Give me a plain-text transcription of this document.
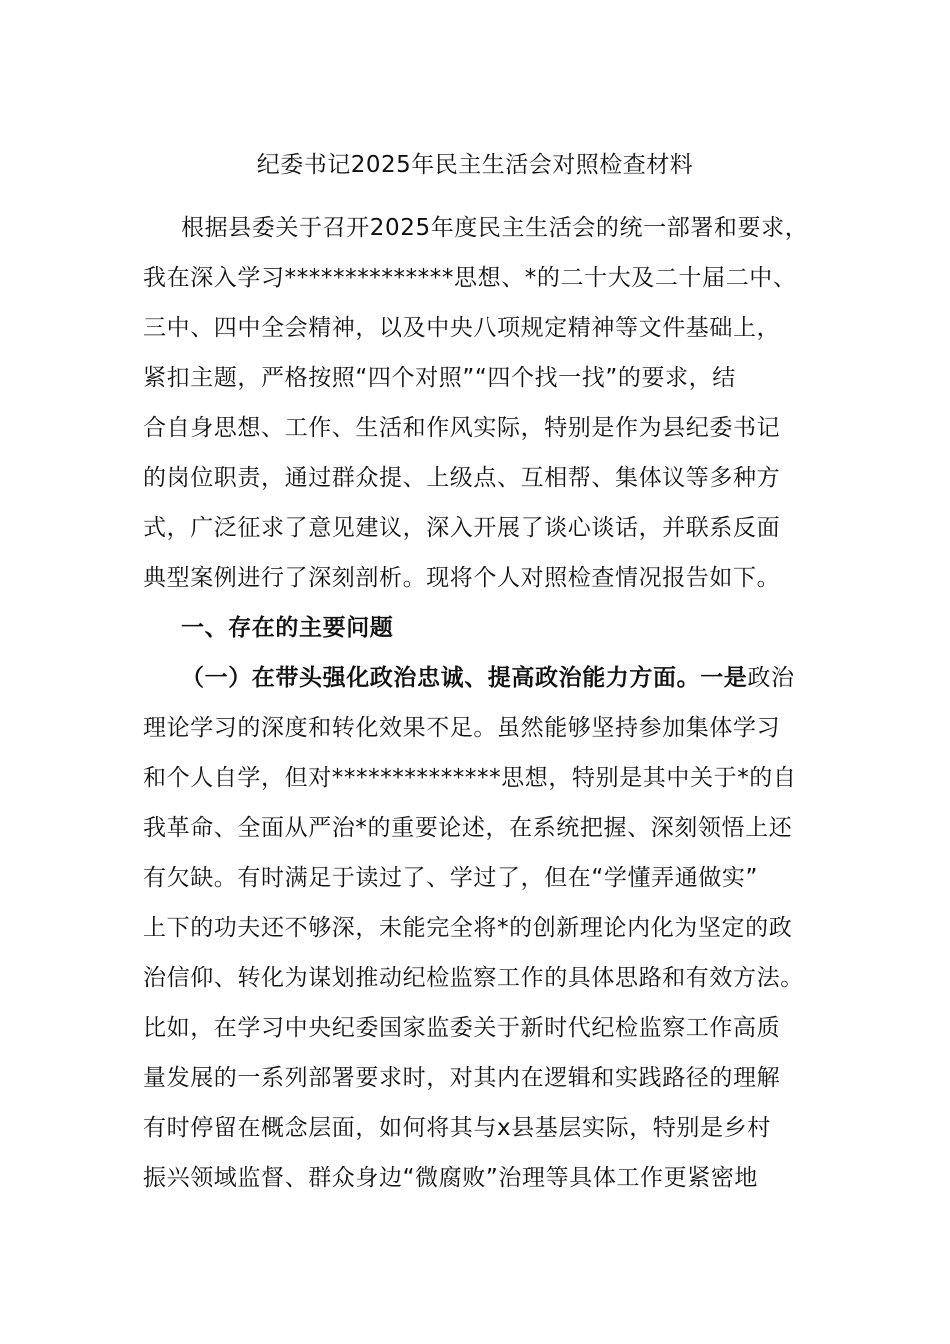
纪委书记2025年民主生活会对照检查材料
根据县委关于召开2025年度民主生活会的统一部署和要求，
我在深入学习**************思想、*的二十大及二十届二中、
三中、四中全会精神，以及中央八项规定精神等文件基础上，
紧扣主题，严格按照“四个对照”“四个找一找”的要求，结
合自身思想、工作、生活和作风实际，特别是作为县纪委书记
的岗位职责，通过群众提、上级点、互相帮、集体议等多种方
式，广泛征求了意见建议，深入开展了谈心谈话，并联系反面
典型案例进行了深刻剖析。现将个人对照检查情况报告如下。
一、存在的主要问题
（一）在带头强化政治忠诚、提高政治能力方面。一是政治
理论学习的深度和转化效果不足。虽然能够坚持参加集体学习
和个人自学，但对**************思想，特别是其中关于*的自
我革命、全面从严治*的重要论述，在系统把握、深刻领悟上还
有欠缺。有时满足于读过了、学过了，但在“学懂弄通做实”
上下的功夫还不够深，未能完全将*的创新理论内化为坚定的政
治信仰、转化为谋划推动纪检监察工作的具体思路和有效方法。
比如，在学习中央纪委国家监委关于新时代纪检监察工作高质
量发展的一系列部署要求时，对其内在逻辑和实践路径的理解
有时停留在概念层面，如何将其与x县基层实际，特别是乡村
振兴领域监督、群众身边“微腐败”治理等具体工作更紧密地
